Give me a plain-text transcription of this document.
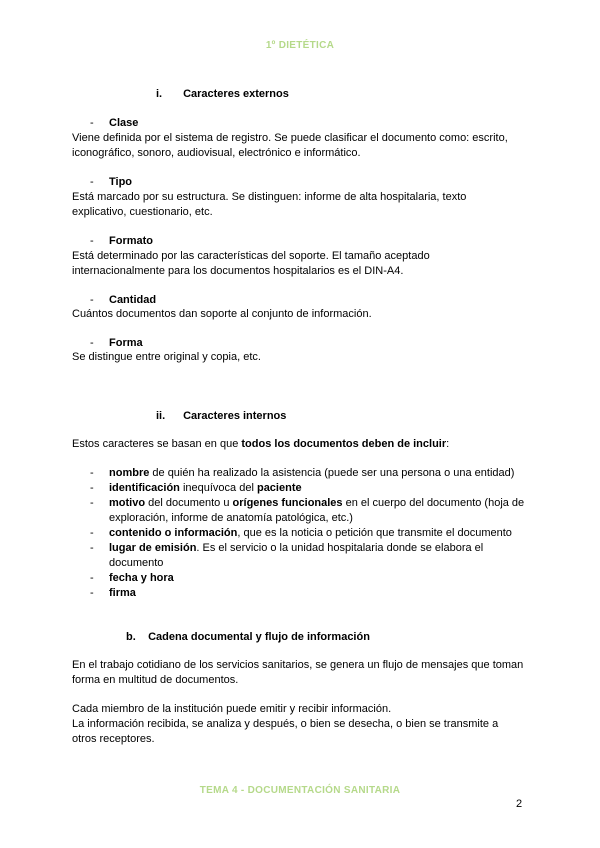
1º DIETÉTICA
i. Caracteres externos
- Clase
Viene definida por el sistema de registro. Se puede clasificar el documento como: escrito, iconográfico, sonoro, audiovisual, electrónico e informático.
- Tipo
Está marcado por su estructura. Se distinguen: informe de alta hospitalaria, texto explicativo, cuestionario, etc.
- Formato
Está determinado por las características del soporte. El tamaño aceptado internacionalmente para los documentos hospitalarios es el DIN-A4.
- Cantidad
Cuántos documentos dan soporte al conjunto de información.
- Forma
Se distingue entre original y copia, etc.
ii. Caracteres internos
Estos caracteres se basan en que todos los documentos deben de incluir:
-	nombre de quién ha realizado la asistencia (puede ser una persona o una entidad)
-	identificación inequívoca del paciente
-	motivo del documento u orígenes funcionales en el cuerpo del documento (hoja de exploración, informe de anatomía patológica, etc.)
-	contenido o información, que es la noticia o petición que transmite el documento
-	lugar de emisión. Es el servicio o la unidad hospitalaria donde se elabora el documento
-	fecha y hora
-	firma
b. Cadena documental y flujo de información
En el trabajo cotidiano de los servicios sanitarios, se genera un flujo de mensajes que toman forma en multitud de documentos.
Cada miembro de la institución puede emitir y recibir información.
La información recibida, se analiza y después, o bien se desecha, o bien se transmite a otros receptores.
TEMA 4 - DOCUMENTACIÓN SANITARIA
2
